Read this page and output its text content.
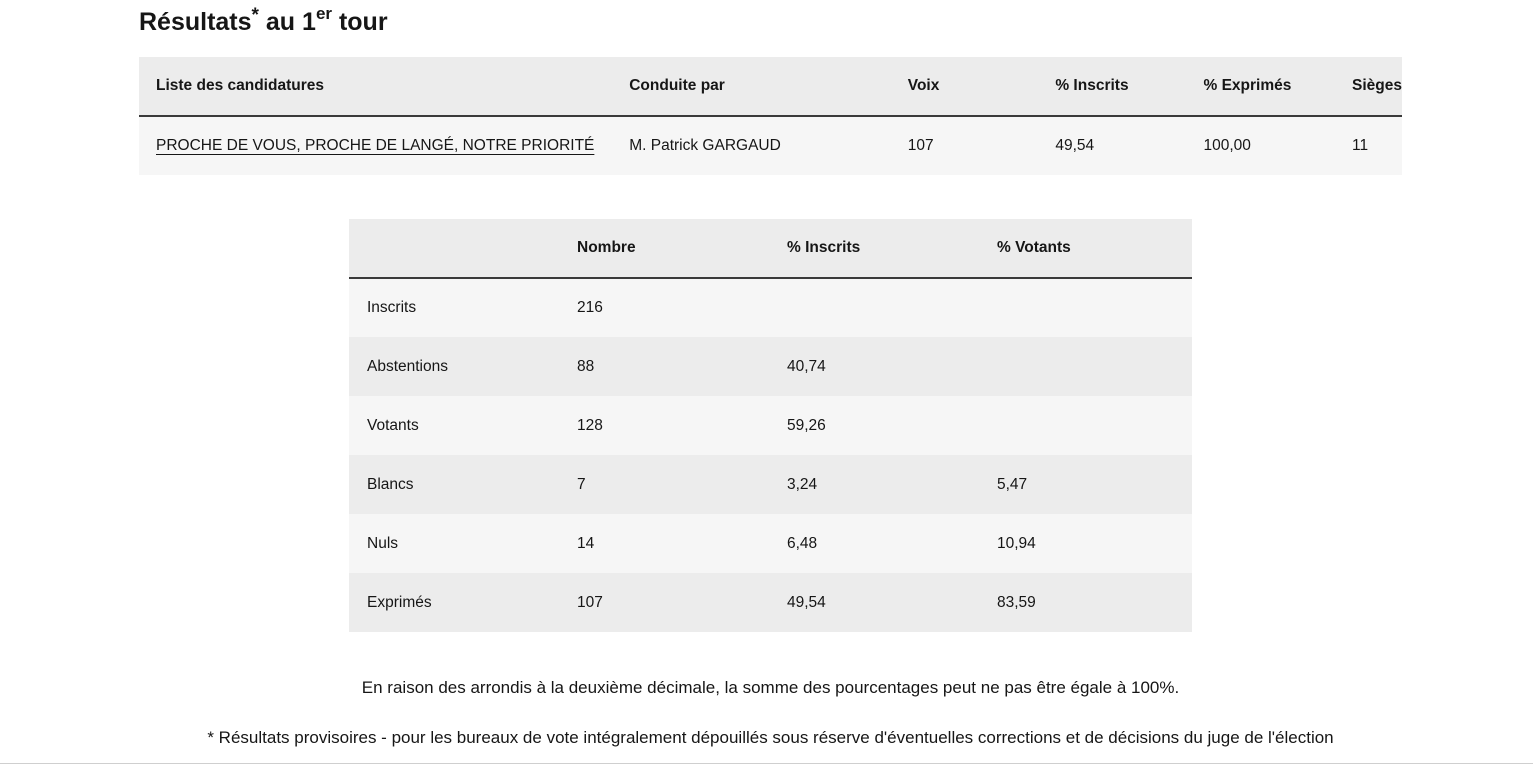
Résultats* au 1er tour
Liste des candidatures	Conduite par	Voix	% Inscrits	% Exprimés	Sièges
PROCHE DE VOUS, PROCHE DE LANGÉ, NOTRE PRIORITÉ	M. Patrick GARGAUD	107	49,54	100,00	11
	Nombre	% Inscrits	% Votants
Inscrits	216		
Abstentions	88	40,74	
Votants	128	59,26	
Blancs	7	3,24	5,47
Nuls	14	6,48	10,94
Exprimés	107	49,54	83,59

En raison des arrondis à la deuxième décimale, la somme des pourcentages peut ne pas être égale à 100%.

* Résultats provisoires - pour les bureaux de vote intégralement dépouillés sous réserve d'éventuelles corrections et de décisions du juge de l'élection
